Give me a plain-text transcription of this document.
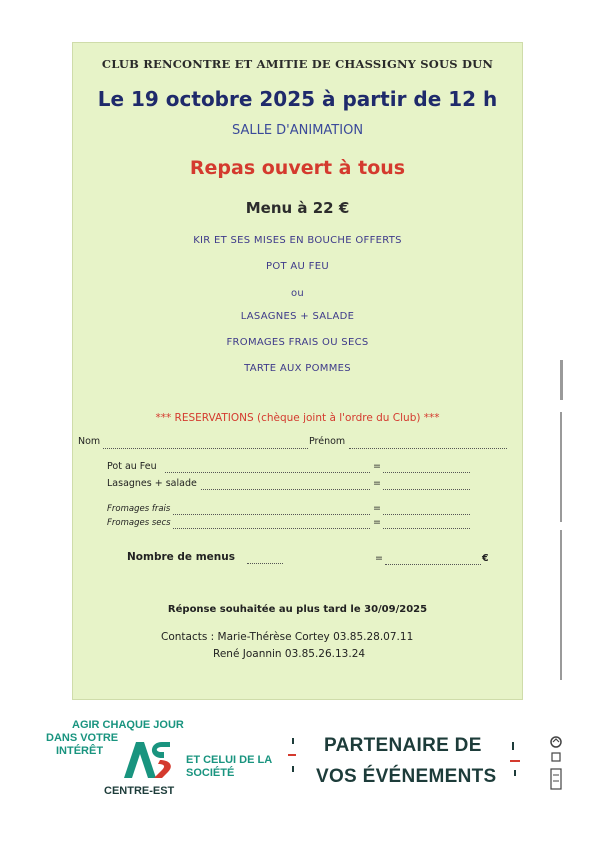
CLUB RENCONTRE ET AMITIE DE CHASSIGNY SOUS DUN
Le 19 octobre 2025 à partir de 12 h
SALLE D'ANIMATION
Repas ouvert à tous
Menu à 22 €
KIR ET SES MISES EN BOUCHE OFFERTS
POT AU FEU
ou
LASAGNES + SALADE
FROMAGES FRAIS OU SECS
TARTE AUX POMMES
*** RESERVATIONS (chèque joint à l'ordre du Club) ***
Nom	Prénom
Pot au Feu	=
Lasagnes + salade	=
Fromages frais	=
Fromages secs	=
Nombre de menus	=	€
Réponse souhaitée au plus tard le 30/09/2025
Contacts : Marie-Thérèse Cortey 03.85.28.07.11
René Joannin 03.85.26.13.24
AGIR CHAQUE JOUR
DANS VOTRE
INTÉRÊT
ET CELUI DE LA
SOCIÉTÉ
CENTRE-EST
PARTENAIRE DE
VOS ÉVÉNEMENTS
